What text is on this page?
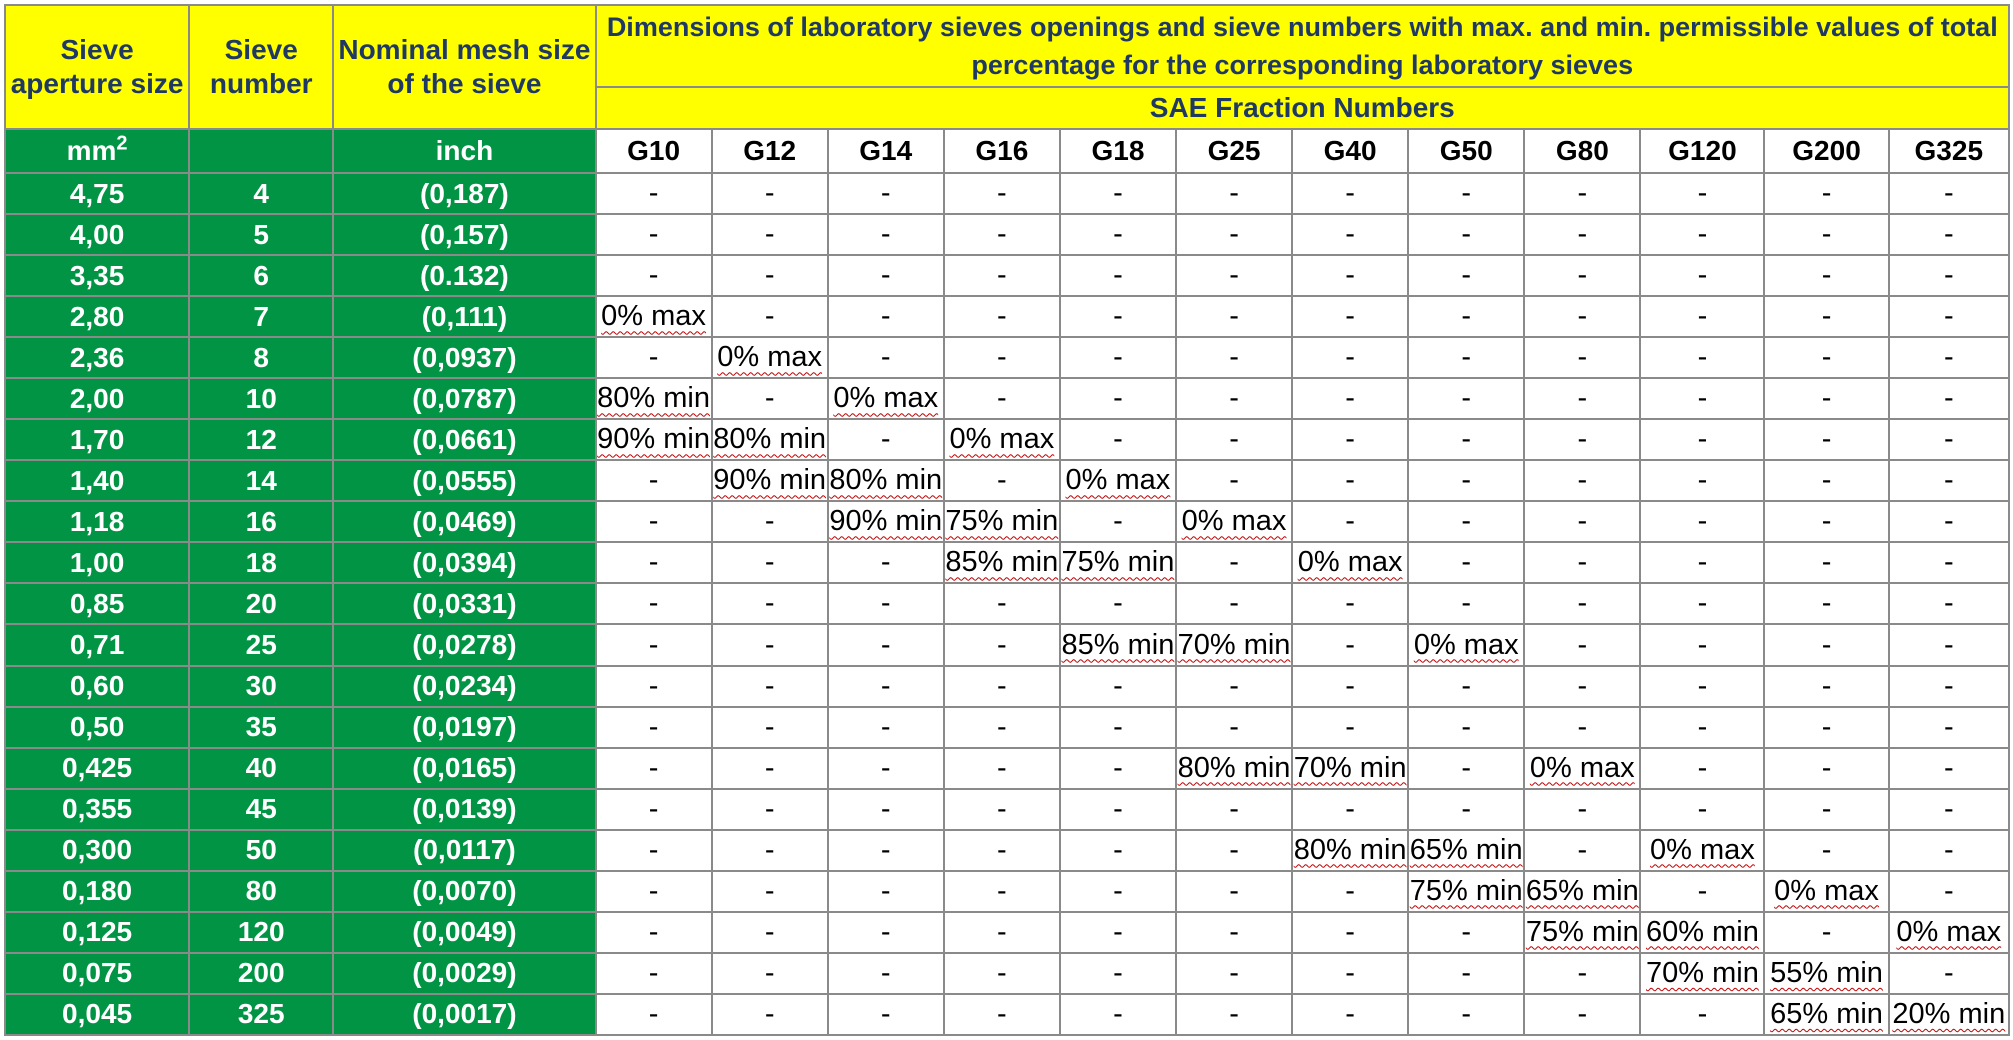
Sieve aperture size	Sieve number	Nominal mesh size of the sieve	Dimensions of laboratory sieves openings and sieve numbers with max. and min. permissible values of total percentage for the corresponding laboratory sieves											
			SAE Fraction Numbers											
$mm^2$		inch	G10	G12	G14	G16	G18	G25	G40	G50	G80	G120	G200	G325
4,75	4	(0,187)	-	-	-	-	-	-	-	-	-	-	-	-
4,00	5	(0,157)	-	-	-	-	-	-	-	-	-	-	-	-
3,35	6	(0.132)	-	-	-	-	-	-	-	-	-	-	-	-
2,80	7	(0,111)	0% max	-	-	-	-	-	-	-	-	-	-	-
2,36	8	(0,0937)	-	0% max	-	-	-	-	-	-	-	-	-	-
2,00	10	(0,0787)	80% min	-	0% max	-	-	-	-	-	-	-	-	-
1,70	12	(0,0661)	90% min	80% min	-	0% max	-	-	-	-	-	-	-	-
1,40	14	(0,0555)	-	90% min	80% min	-	0% max	-	-	-	-	-	-	-
1,18	16	(0,0469)	-	-	90% min	75% min	-	0% max	-	-	-	-	-	-
1,00	18	(0,0394)	-	-	-	85% min	75% min	-	0% max	-	-	-	-	-
0,85	20	(0,0331)	-	-	-	-	-	-	-	-	-	-	-	-
0,71	25	(0,0278)	-	-	-	-	85% min	70% min	-	0% max	-	-	-	-
0,60	30	(0,0234)	-	-	-	-	-	-	-	-	-	-	-	-
0,50	35	(0,0197)	-	-	-	-	-	-	-	-	-	-	-	-
0,425	40	(0,0165)	-	-	-	-	-	80% min	70% min	-	0% max	-	-	-
0,355	45	(0,0139)	-	-	-	-	-	-	-	-	-	-	-	-
0,300	50	(0,0117)	-	-	-	-	-	-	80% min	65% min	-	0% max	-	-
0,180	80	(0,0070)	-	-	-	-	-	-	-	75% min	65% min	-	0% max	-
0,125	120	(0,0049)	-	-	-	-	-	-	-	-	75% min	60% min	-	0% max
0,075	200	(0,0029)	-	-	-	-	-	-	-	-	-	70% min	55% min	-
0,045	325	(0,0017)	-	-	-	-	-	-	-	-	-	-	65% min	20% min
